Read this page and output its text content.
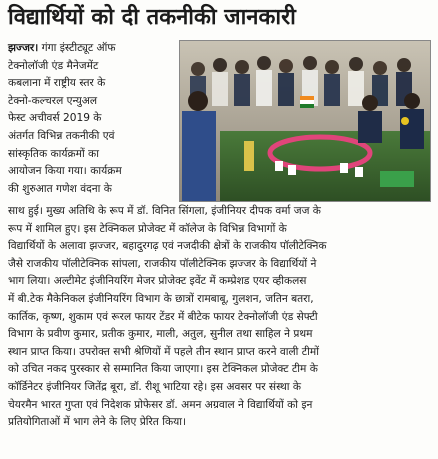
विद्यार्थियों को दी तकनीकी जानकारी
झज्जर। गंगा इंस्टीट्यूट ऑफ
टेक्नोलॉजी एंड मैनेजमेंट
कबलाना में राष्ट्रीय स्तर के
टेक्नो-कल्चरल एन्युअल
फेस्ट अचीवर्स 2019 के
अंतर्गत विभिन्न तकनीकी एवं
सांस्कृतिक कार्यक्रमों का
आयोजन किया गया। कार्यक्रम
की शुरुआत गणेश वंदना के
साथ हुई। मुख्य अतिथि के रूप में डॉ. विनित सिंगला, इंजीनियर दीपक वर्मा जज के
रूप में शामिल हुए। इस टेक्निकल प्रोजेक्ट में कॉलेज के विभिन्न विभागों के
विद्यार्थियों के अलावा झज्जर, बहादुरगढ़ एवं नजदीकी क्षेत्रों के राजकीय पॉलीटेक्निक
जैसे राजकीय पॉलीटेक्निक सांपला, राजकीय पॉलीटेक्निक झज्जर के विद्यार्थियों ने
भाग लिया। अल्टीमेट इंजीनियरिंग मेजर प्रोजेक्ट इवेंट में कम्प्रेशड एयर व्हीकलस
में बी.टेक मैकेनिकल इंजीनियरिंग विभाग के छात्रों रामबाबू, गुलशन, जतिन बतरा,
कार्तिक, कृष्ण, शुकाम एवं रूरल फायर टेंडर में बीटेक फायर टेक्नोलॉजी एंड सेफ्टी
विभाग के प्रवीण कुमार, प्रतीक कुमार, माली, अतुल, सुनील तथा साहिल ने प्रथम
स्थान प्राप्त किया। उपरोक्त सभी श्रेणियों में पहले तीन स्थान प्राप्त करने वाली टीमों
को उचित नकद पुरस्कार से सम्मानित किया जाएगा। इस टेक्निकल प्रोजेक्ट टीम के
कॉर्डिनेटर इंजीनियर जितेंद्र बूरा, डॉ. रीशू भाटिया रहे। इस अवसर पर संस्था के
चेयरमैन भारत गुप्ता एवं निदेशक प्रोफेसर डॉ. अमन अग्रवाल ने विद्यार्थियों को इन
प्रतियोगिताओं में भाग लेने के लिए प्रेरित किया।
